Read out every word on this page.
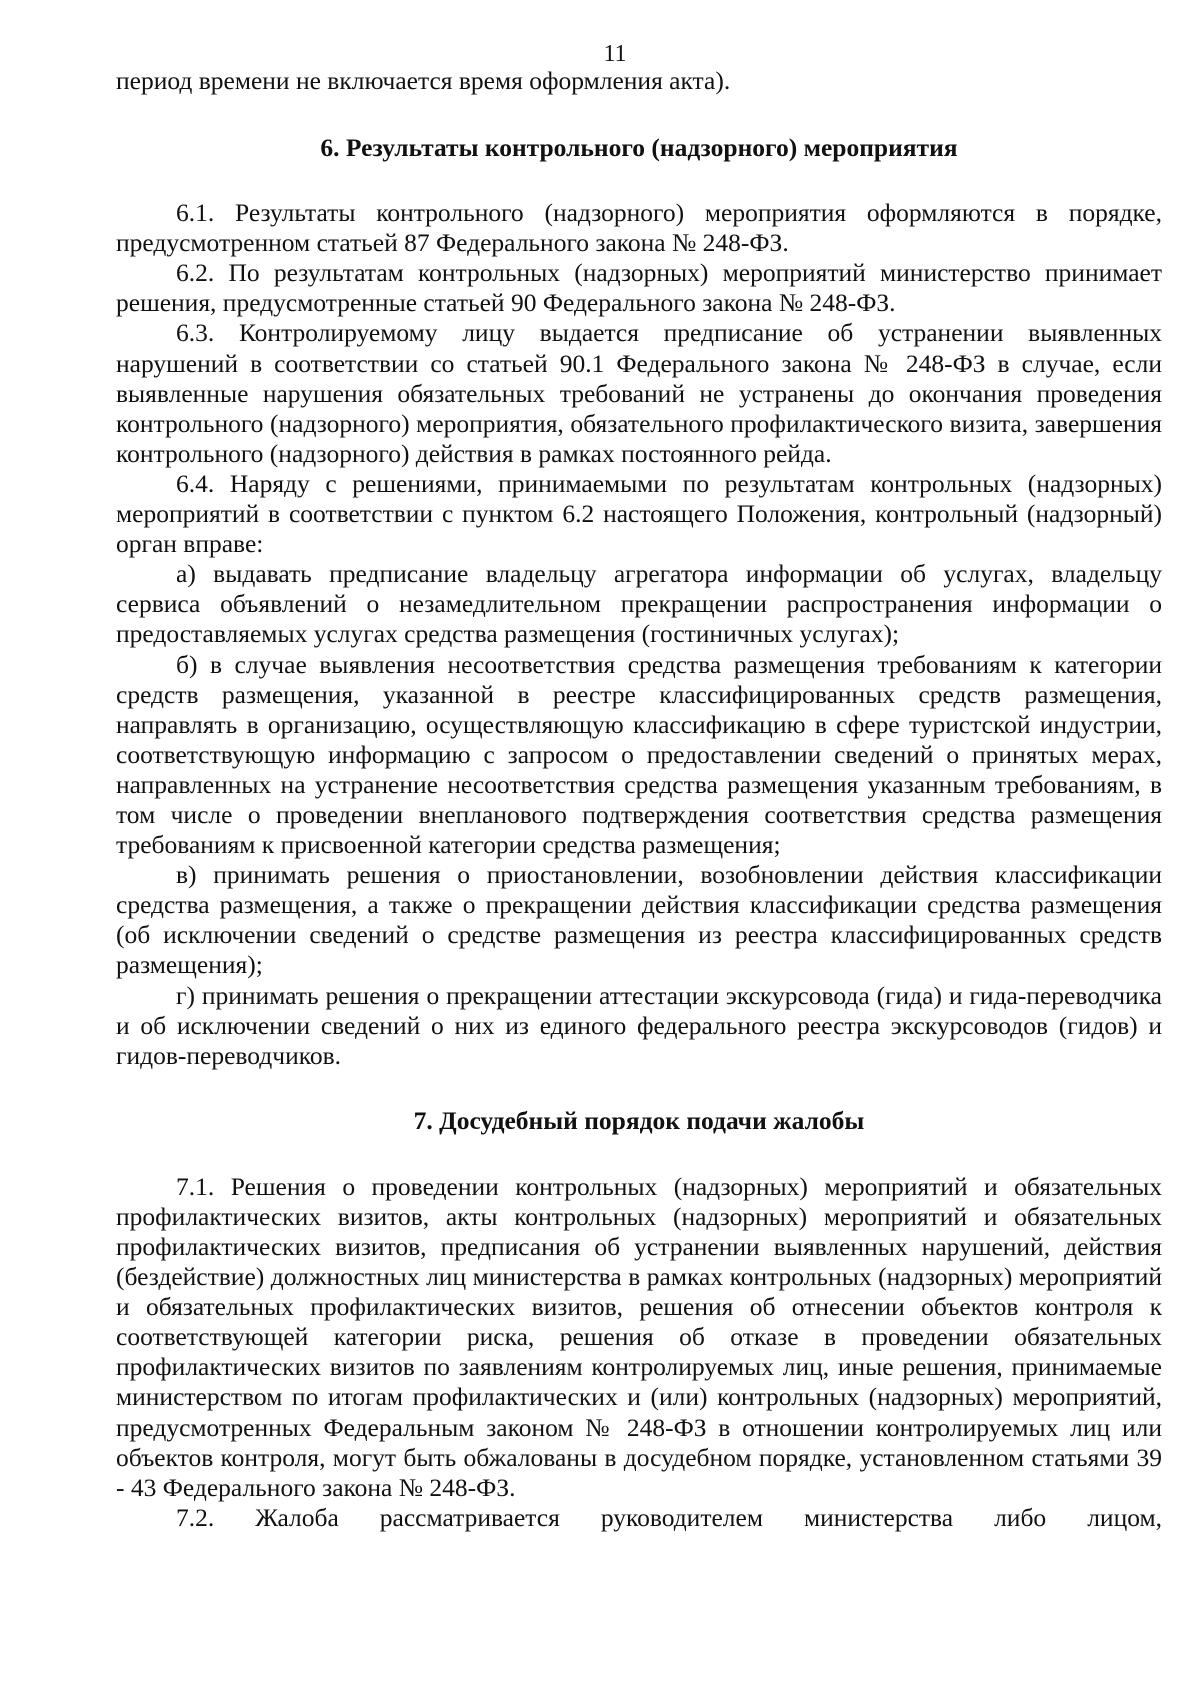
11

период времени не включается время оформления акта).

6. Результаты контрольного (надзорного) мероприятия

6.1. Результаты контрольного (надзорного) мероприятия оформляются в порядке, предусмотренном статьей 87 Федерального закона № 248-ФЗ.

6.2. По результатам контрольных (надзорных) мероприятий министерство принимает решения, предусмотренные статьей 90 Федерального закона № 248-ФЗ.

6.3. Контролируемому лицу выдается предписание об устранении выявленных нарушений в соответствии со статьей 90.1 Федерального закона № 248-ФЗ в случае, если выявленные нарушения обязательных требований не устранены до окончания проведения контрольного (надзорного) мероприятия, обязательного профилактического визита, завершения контрольного (надзорного) действия в рамках постоянного рейда.

6.4. Наряду с решениями, принимаемыми по результатам контрольных (надзорных) мероприятий в соответствии с пунктом 6.2 настоящего Положения, контрольный (надзорный) орган вправе:

а) выдавать предписание владельцу агрегатора информации об услугах, владельцу сервиса объявлений о незамедлительном прекращении распространения информации о предоставляемых услугах средства размещения (гостиничных услугах);

б) в случае выявления несоответствия средства размещения требованиям к категории средств размещения, указанной в реестре классифицированных средств размещения, направлять в организацию, осуществляющую классификацию в сфере туристской индустрии, соответствующую информацию с запросом о предоставлении сведений о принятых мерах, направленных на устранение несоответствия средства размещения указанным требованиям, в том числе о проведении внепланового подтверждения соответствия средства размещения требованиям к присвоенной категории средства размещения;

в) принимать решения о приостановлении, возобновлении действия классификации средства размещения, а также о прекращении действия классификации средства размещения (об исключении сведений о средстве размещения из реестра классифицированных средств размещения);

г) принимать решения о прекращении аттестации экскурсовода (гида) и гида-переводчика и об исключении сведений о них из единого федерального реестра экскурсоводов (гидов) и гидов-переводчиков.

7. Досудебный порядок подачи жалобы

7.1. Решения о проведении контрольных (надзорных) мероприятий и обязательных профилактических визитов, акты контрольных (надзорных) мероприятий и обязательных профилактических визитов, предписания об устранении выявленных нарушений, действия (бездействие) должностных лиц министерства в рамках контрольных (надзорных) мероприятий и обязательных профилактических визитов, решения об отнесении объектов контроля к соответствующей категории риска, решения об отказе в проведении обязательных профилактических визитов по заявлениям контролируемых лиц, иные решения, принимаемые министерством по итогам профилактических и (или) контрольных (надзорных) мероприятий, предусмотренных Федеральным законом № 248-ФЗ в отношении контролируемых лиц или объектов контроля, могут быть обжалованы в досудебном порядке, установленном статьями 39 - 43 Федерального закона № 248-ФЗ.

7.2. Жалоба рассматривается руководителем министерства либо лицом,
